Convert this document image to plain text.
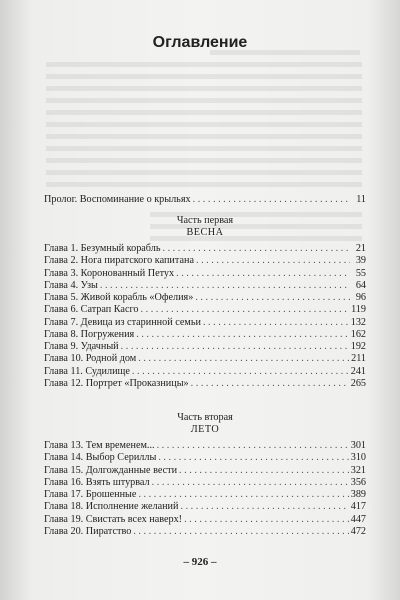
Оглавление
Пролог. Воспоминание о крыльях . . .	11
Часть первая
ВЕСНА
Глава 1. Безумный корабль . . .	21
Глава 2. Нога пиратского капитана . . .	39
Глава 3. Коронованный Петух . . .	55
Глава 4. Узы . . .	64
Глава 5. Живой корабль «Офелия» . . .	96
Глава 6. Сатрап Касго . . .	119
Глава 7. Девица из старинной семьи . . .	132
Глава 8. Погружения . . .	162
Глава 9. Удачный . . .	192
Глава 10. Родной дом . . .	211
Глава 11. Судилище . . .	241
Глава 12. Портрет «Проказницы» . . .	265
Часть вторая
ЛЕТО
Глава 13. Тем временем... . . .	301
Глава 14. Выбор Сериллы . . .	310
Глава 15. Долгожданные вести . . .	321
Глава 16. Взять штурвал . . .	356
Глава 17. Брошенные . . .	389
Глава 18. Исполнение желаний . . .	417
Глава 19. Свистать всех наверх! . . .	447
Глава 20. Пиратство . . .	472
– 926 –
